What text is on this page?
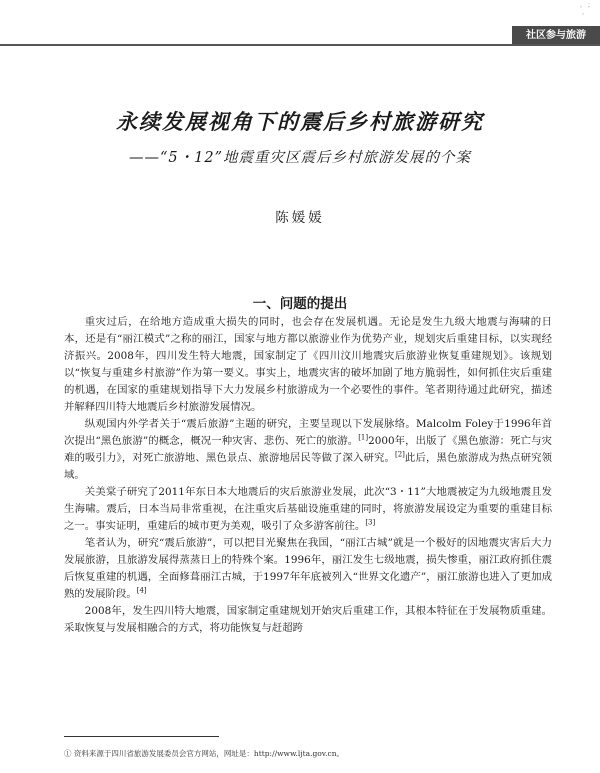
。 ; ，
社区参与旅游
永续发展视角下的震后乡村旅游研究
——“5・12”地震重灾区震后乡村旅游发展的个案
陈媛媛
一、问题的提出

重灾过后，在给地方造成重大损失的同时，也会存在发展机遇。无论是发生九级大地震与海啸的日本，还是有“丽江模式”之称的丽江，国家与地方都以旅游业作为优势产业，规划灾后重建目标，以实现经济振兴。2008年，四川发生特大地震，国家制定了《四川汶川地震灾后旅游业恢复重建规划》。该规划以“恢复与重建乡村旅游”作为第一要义。事实上，地震灾害的破坏加剧了地方脆弱性，如何抓住灾后重建的机遇，在国家的重建规划指导下大力发展乡村旅游成为一个必要性的事件。笔者期待通过此研究，描述并解释四川特大地震后乡村旅游发展情况。

纵观国内外学者关于“震后旅游”主题的研究，主要呈现以下发展脉络。Malcolm Foley于1996年首次提出“黑色旅游”的概念，概况一种灾害、悲伤、死亡的旅游。[1]2000年，出版了《黑色旅游：死亡与灾难的吸引力》，对死亡旅游地、黑色景点、旅游地居民等做了深入研究。[2]此后，黑色旅游成为热点研究领域。

关美棠子研究了2011年东日本大地震后的灾后旅游业发展，此次“3・11”大地震被定为九级地震且发生海啸。震后，日本当局非常重视，在注重灾后基础设施重建的同时，将旅游发展设定为重要的重建目标之一。事实证明，重建后的城市更为美观，吸引了众多游客前往。[3]

笔者认为，研究“震后旅游”，可以把目光聚焦在我国，“丽江古城”就是一个极好的因地震灾害后大力发展旅游，且旅游发展得蒸蒸日上的特殊个案。1996年，丽江发生七级地震，损失惨重，丽江政府抓住震后恢复重建的机遇，全面修葺丽江古城，于1997年年底被列入“世界文化遗产”，丽江旅游也进入了更加成熟的发展阶段。[4]

2008年，发生四川特大地震，国家制定重建规划开始灾后重建工作，其根本特征在于发展物质重建。采取恢复与发展相融合的方式，将功能恢复与赶超跨

① 资料来源于四川省旅游发展委员会官方网站，网址是：http://www.ljta.gov.cn。
